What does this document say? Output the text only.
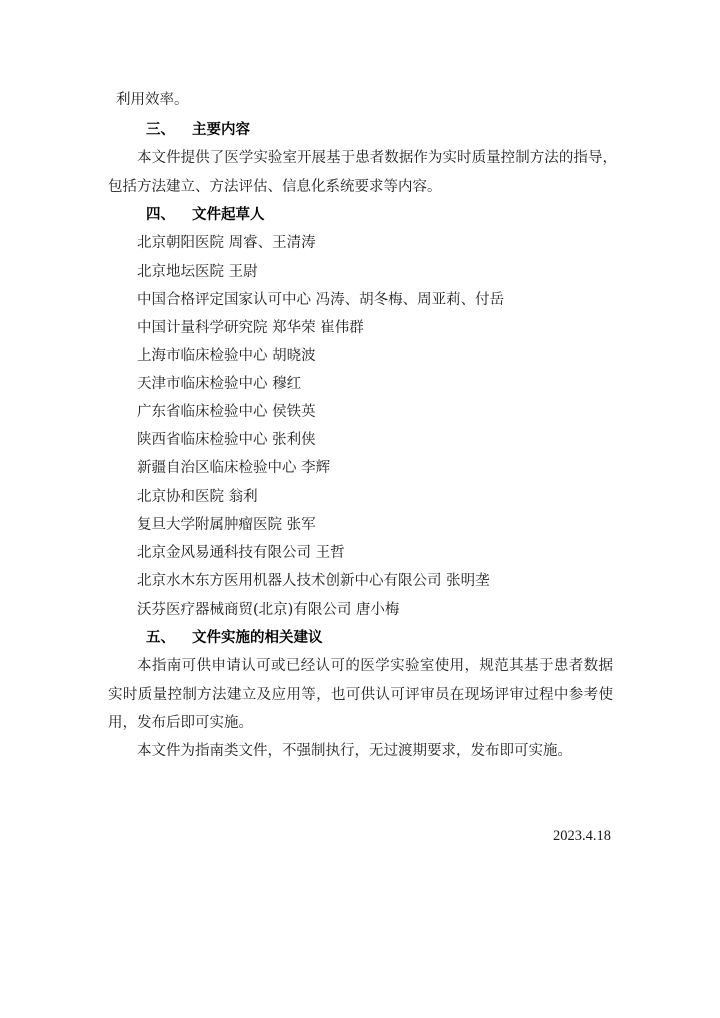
利用效率。
三、 主要内容
本文件提供了医学实验室开展基于患者数据作为实时质量控制方法的指导，
包括方法建立、方法评估、信息化系统要求等内容。
四、 文件起草人
北京朝阳医院 周睿、王清涛
北京地坛医院 王尉
中国合格评定国家认可中心 冯涛、胡冬梅、周亚莉、付岳
中国计量科学研究院 郑华荣 崔伟群
上海市临床检验中心 胡晓波
天津市临床检验中心 穆红
广东省临床检验中心 侯铁英
陕西省临床检验中心 张利侠
新疆自治区临床检验中心 李辉
北京协和医院 翁利
复旦大学附属肿瘤医院 张军
北京金风易通科技有限公司 王哲
北京水木东方医用机器人技术创新中心有限公司 张明垄
沃芬医疗器械商贸(北京)有限公司 唐小梅
五、 文件实施的相关建议
本指南可供申请认可或已经认可的医学实验室使用，规范其基于患者数据
实时质量控制方法建立及应用等，也可供认可评审员在现场评审过程中参考使
用，发布后即可实施。
本文件为指南类文件，不强制执行，无过渡期要求，发布即可实施。
2023.4.18
